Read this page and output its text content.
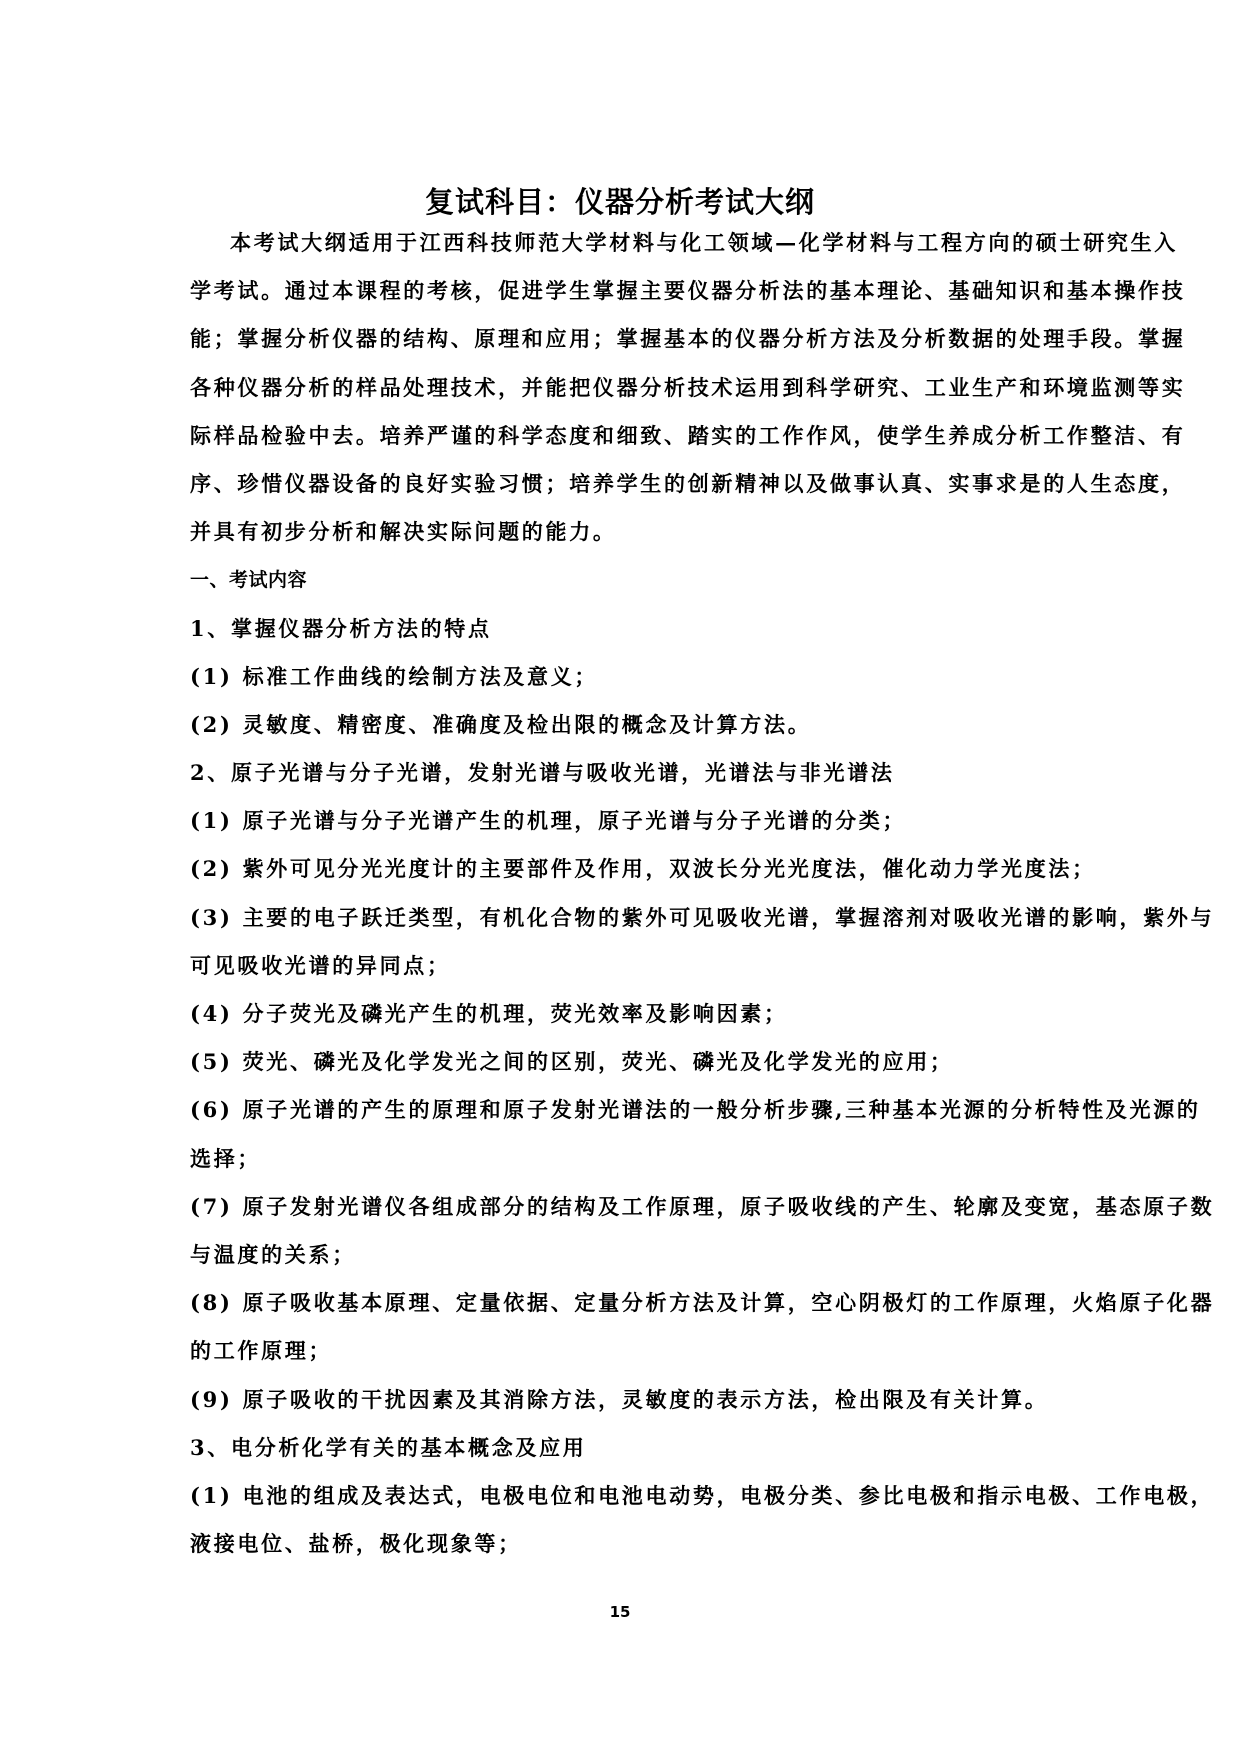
复试科目：仪器分析考试大纲
本考试大纲适用于江西科技师范大学材料与化工领域—化学材料与工程方向的硕士研究生入
学考试。通过本课程的考核，促进学生掌握主要仪器分析法的基本理论、基础知识和基本操作技
能；掌握分析仪器的结构、原理和应用；掌握基本的仪器分析方法及分析数据的处理手段。掌握
各种仪器分析的样品处理技术，并能把仪器分析技术运用到科学研究、工业生产和环境监测等实
际样品检验中去。培养严谨的科学态度和细致、踏实的工作作风，使学生养成分析工作整洁、有
序、珍惜仪器设备的良好实验习惯；培养学生的创新精神以及做事认真、实事求是的人生态度，
并具有初步分析和解决实际问题的能力。
一、考试内容
1、掌握仪器分析方法的特点
(1) 标准工作曲线的绘制方法及意义；
(2) 灵敏度、精密度、准确度及检出限的概念及计算方法。
2、原子光谱与分子光谱，发射光谱与吸收光谱，光谱法与非光谱法
(1) 原子光谱与分子光谱产生的机理，原子光谱与分子光谱的分类；
(2) 紫外可见分光光度计的主要部件及作用，双波长分光光度法，催化动力学光度法；
(3) 主要的电子跃迁类型，有机化合物的紫外可见吸收光谱，掌握溶剂对吸收光谱的影响，紫外与
可见吸收光谱的异同点；
(4) 分子荧光及磷光产生的机理，荧光效率及影响因素；
(5) 荧光、磷光及化学发光之间的区别，荧光、磷光及化学发光的应用；
(6) 原子光谱的产生的原理和原子发射光谱法的一般分析步骤,三种基本光源的分析特性及光源的
选择；
(7) 原子发射光谱仪各组成部分的结构及工作原理，原子吸收线的产生、轮廓及变宽，基态原子数
与温度的关系；
(8) 原子吸收基本原理、定量依据、定量分析方法及计算，空心阴极灯的工作原理，火焰原子化器
的工作原理；
(9) 原子吸收的干扰因素及其消除方法，灵敏度的表示方法，检出限及有关计算。
3、电分析化学有关的基本概念及应用
(1) 电池的组成及表达式，电极电位和电池电动势，电极分类、参比电极和指示电极、工作电极，
液接电位、盐桥，极化现象等；
15
